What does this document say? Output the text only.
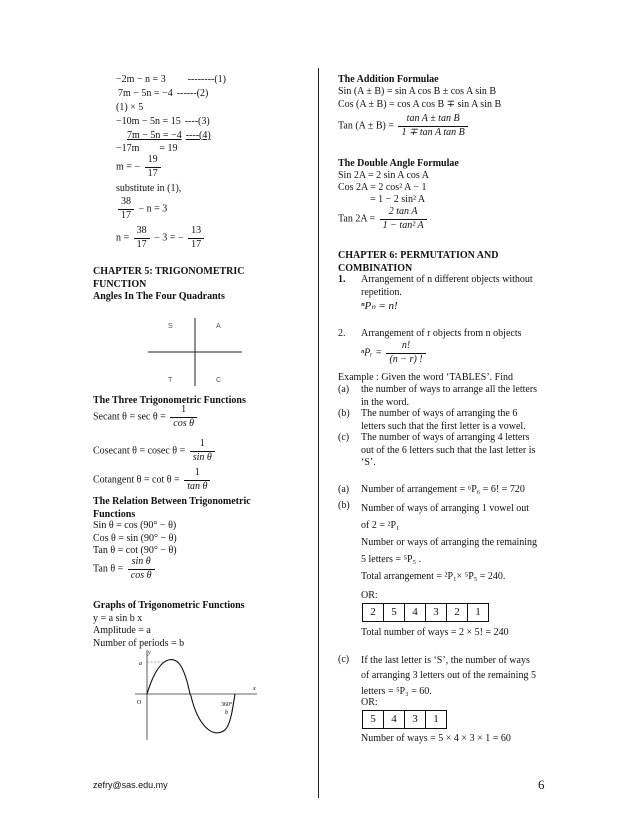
−2m − n = 3 --------(1)
7m − 5n = −4 ------(2)
(1) × 5
−10m − 5n = 15 ----(3)
7m − 5n = −4 ----(4)
−17m = 19
m = − $\frac{19}{17}$
substitute in (1),
$\frac{38}{17} - n = 3$
$n = \frac{38}{17} - 3$ = − $\frac{13}{17}$
CHAPTER 5: TRIGONOMETRIC
FUNCTION
Angles In The Four Quadrants
S	A
T	C
The Three Trigonometric Functions
Secant $\theta = \sec \theta = \frac{1}{\text{cos θ}}$
Cosecant θ = cosec $\theta = \frac{1}{\text{sin θ}}$
Cotangent $\theta = \cot \theta = \frac{1}{\text{tan θ}}$
The Relation Between Trigonometric
Functions
Sin θ = cos (90° − θ)
Cos θ = sin (90° − θ)
Tan θ = cot (90° − θ)
Tan $\theta = \frac{\text{sin θ}}{\text{cos θ}}$
Graphs of Trigonometric Functions
y = a sin b x
Amplitude = a
Number of periods = b
y
x
a
O	360°
b
The Addition Formulae
Sin (A ± B) = sin A cos B ± cos A sin B
Cos (A ± B) = cos A cos B ∓ sin A sin B
Tan $(A \pm B) = \frac{\text{tan A ± tan B}}{\text{1 ∓ tan A tan B}}$
The Double Angle Formulae
Sin 2A = 2 sin A cos A
Cos 2A = 2 cos² A − 1
= 1 − 2 sin² A
Tan $2A = \frac{\text{2 tan A}}{\text{1 − tan² A}}$
CHAPTER 6: PERMUTATION AND
COMBINATION
1. Arrangement of n different objects without
repetition.
ⁿPₙ = n!
2. Arrangement of r objects from n objects
ⁿPᵣ = $\frac{n!}{(n - r) !}$
Example : Given the word ‘TABLES’. Find
(a) the number of ways to arrange all the letters
in the word.
(b) The number of ways of arranging the 6
letters such that the first letter is a vowel.
(c) The number of ways of arranging 4 letters
out of the 6 letters such that the last letter is
‘S’.
(a) Number of arrangement = ⁶P₆ = 6! = 720
(b) Number of ways of arranging 1 vowel out
of 2 = ²P₁
Number or ways of arranging the remaining
5 letters = ⁵P₅ .
Total arrangement = ²P₁× ⁵P₅ = 240.
OR:
2	5	4	3	2	1
Total number of ways = 2 × 5! = 240
(c) If the last letter is ‘S’, the number of ways
of arranging 3 letters out of the remaining 5
letters = ⁵P₃ = 60.
OR:
5	4	3	1
Number of ways = 5 × 4 × 3 × 1 = 60
zefry@sas.edu.my	6
